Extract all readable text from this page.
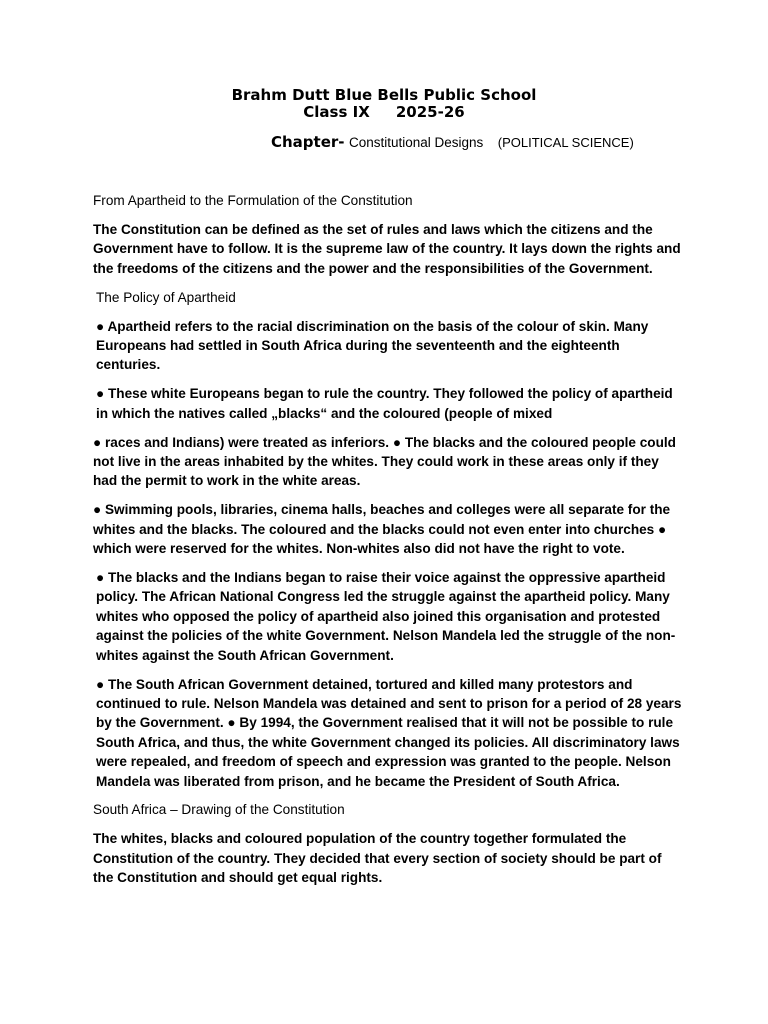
Brahm Dutt Blue Bells Public School
Class IX     2025-26
Chapter- Constitutional Designs (POLITICAL SCIENCE)

From Apartheid to the Formulation of the Constitution

The Constitution can be defined as the set of rules and laws which the citizens and the Government have to follow. It is the supreme law of the country. It lays down the rights and the freedoms of the citizens and the power and the responsibilities of the Government.

The Policy of Apartheid

● Apartheid refers to the racial discrimination on the basis of the colour of skin. Many Europeans had settled in South Africa during the seventeenth and the eighteenth centuries.

● These white Europeans began to rule the country. They followed the policy of apartheid in which the natives called „blacks“ and the coloured (people of mixed

● races and Indians) were treated as inferiors. ● The blacks and the coloured people could not live in the areas inhabited by the whites. They could work in these areas only if they had the permit to work in the white areas.

● Swimming pools, libraries, cinema halls, beaches and colleges were all separate for the whites and the blacks. The coloured and the blacks could not even enter into churches ● which were reserved for the whites. Non-whites also did not have the right to vote.

● The blacks and the Indians began to raise their voice against the oppressive apartheid policy. The African National Congress led the struggle against the apartheid policy. Many whites who opposed the policy of apartheid also joined this organisation and protested against the policies of the white Government. Nelson Mandela led the struggle of the non-whites against the South African Government.

● The South African Government detained, tortured and killed many protestors and continued to rule. Nelson Mandela was detained and sent to prison for a period of 28 years by the Government. ● By 1994, the Government realised that it will not be possible to rule South Africa, and thus, the white Government changed its policies. All discriminatory laws were repealed, and freedom of speech and expression was granted to the people. Nelson Mandela was liberated from prison, and he became the President of South Africa.

South Africa – Drawing of the Constitution

The whites, blacks and coloured population of the country together formulated the Constitution of the country. They decided that every section of society should be part of the Constitution and should get equal rights.
